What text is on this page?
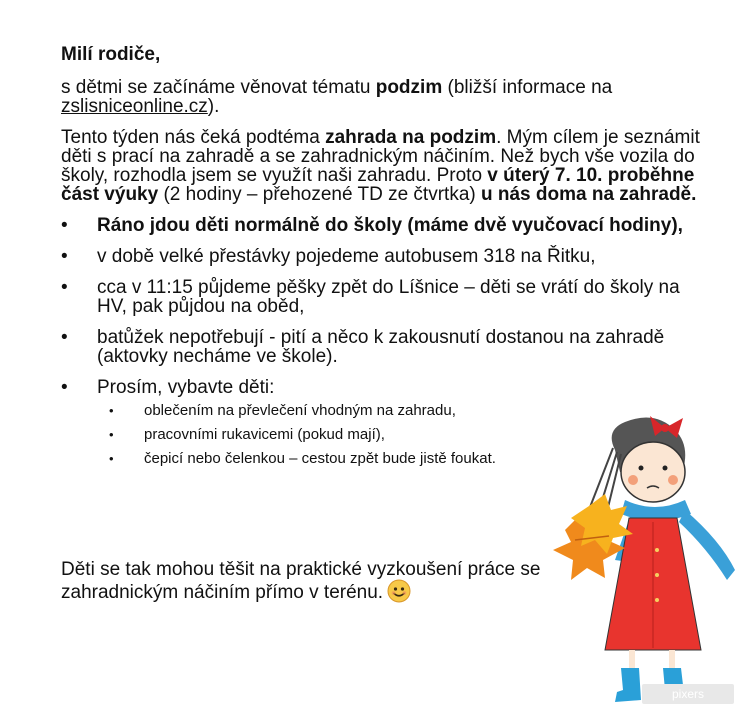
Milí rodiče,

s dětmi se začínáme věnovat tématu podzim (bližší informace na zslisniceonline.cz).

Tento týden nás čeká podtéma zahrada na podzim. Mým cílem je seznámit děti s prací na zahradě a se zahradnickým náčiním. Než bych vše vozila do školy, rozhodla jsem se využít naši zahradu. Proto v úterý 7. 10. proběhne část výuky (2 hodiny – přehozené TD ze čtvrtka) u nás doma na zahradě.

• Ráno jdou děti normálně do školy (máme dvě vyučovací hodiny),
• v době velké přestávky pojedeme autobusem 318 na Řitku,
• cca v 11:15 půjdeme pěšky zpět do Líšnice – děti se vrátí do školy na HV, pak půjdou na oběd,
• batůžek nepotřebují - pití a něco k zakousnutí dostanou na zahradě (aktovky necháme ve škole).
• Prosím, vybavte děti:
• oblečením na převlečení vhodným na zahradu,
• pracovními rukavicemi (pokud mají),
• čepicí nebo čelenkou – cestou zpět bude jistě foukat.

Děti se tak mohou těšit na praktické vyzkoušení práce se zahradnickým náčiním přímo v terénu.

pixers
